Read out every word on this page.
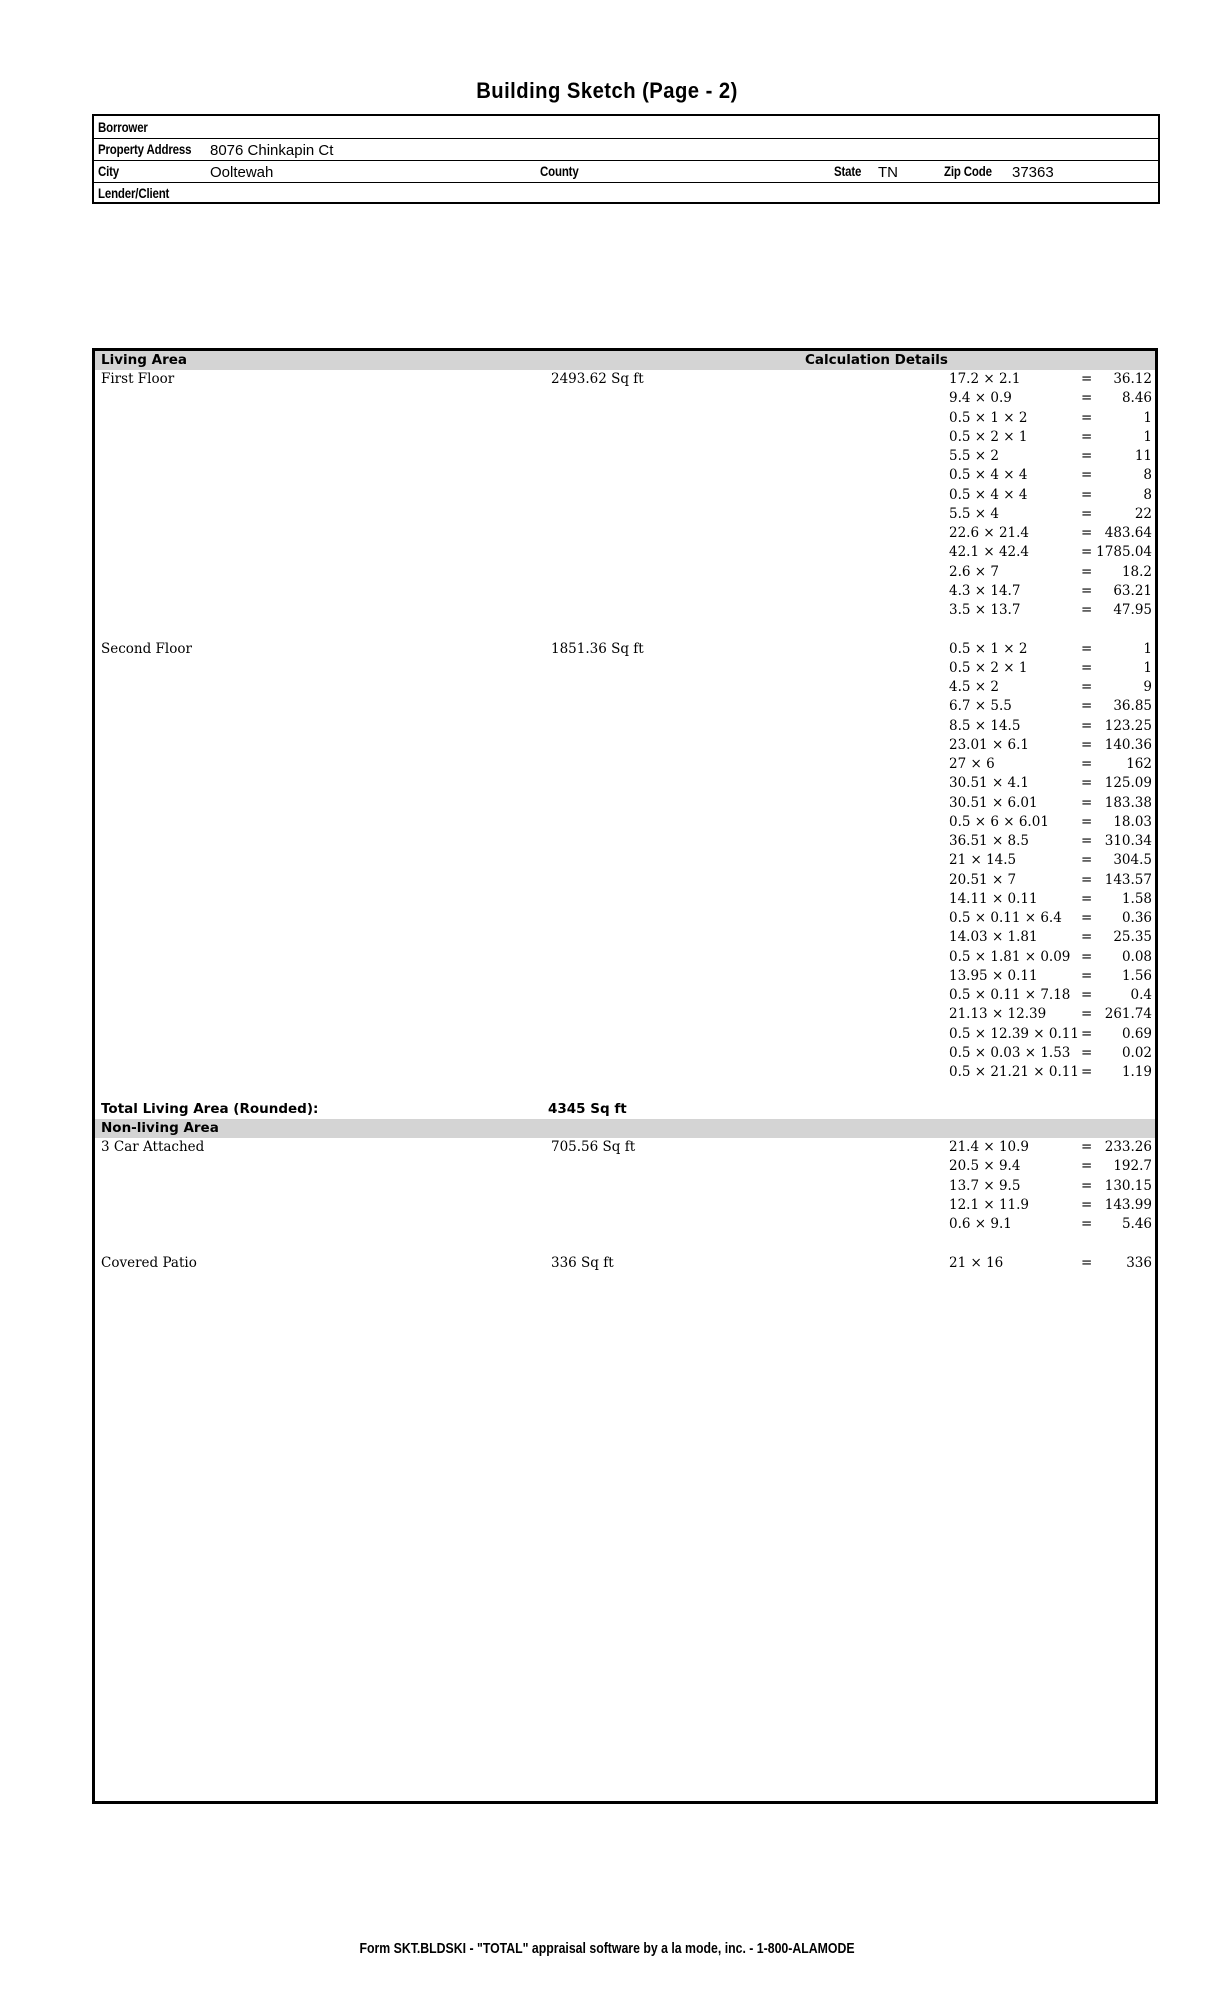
Building Sketch (Page - 2)
Borrower
Property Address 8076 Chinkapin Ct
City	Ooltewah	County	State TN	Zip Code 37363
Lender/Client
Living Area	Calculation Details
First Floor	2493.62 Sq ft	17.2 × 2.1	=	36.12
9.4 × 0.9	=	8.46
0.5 × 1 × 2	=	1
0.5 × 2 × 1	=	1
5.5 × 2	=	11
0.5 × 4 × 4	=	8
0.5 × 4 × 4	=	8
5.5 × 4	=	22
22.6 × 21.4	= 483.64
42.1 × 42.4	= 1785.04
2.6 × 7	=	18.2
4.3 × 14.7	=	63.21
3.5 × 13.7	=	47.95
Second Floor	1851.36 Sq ft	0.5 × 1 × 2	=	1
0.5 × 2 × 1	=	1
4.5 × 2	=	9
6.7 × 5.5	=	36.85
8.5 × 14.5	= 123.25
23.01 × 6.1	= 140.36
27 × 6	=	162
30.51 × 4.1	= 125.09
30.51 × 6.01	= 183.38
0.5 × 6 × 6.01 =	18.03
36.51 × 8.5	= 310.34
21 × 14.5	=	304.5
20.51 × 7	= 143.57
14.11 × 0.11	=	1.58
0.5 × 0.11 × 6.4 =	0.36
14.03 × 1.81	=	25.35
0.5 × 1.81 × 0.09 =	0.08
13.95 × 0.11	=	1.56
0.5 × 0.11 × 7.18 =	0.4
21.13 × 12.39	= 261.74
0.5 × 12.39 × 0.11 =	0.69
0.5 × 0.03 × 1.53 =	0.02
0.5 × 21.21 × 0.11 =	1.19
Total Living Area (Rounded):	4345 Sq ft
Non-living Area
3 Car Attached	705.56 Sq ft	21.4 × 10.9	= 233.26
20.5 × 9.4	=	192.7
13.7 × 9.5	= 130.15
12.1 × 11.9	= 143.99
0.6 × 9.1	=	5.46
Covered Patio	336 Sq ft	21 × 16	=	336
Form SKT.BLDSKI - "TOTAL" appraisal software by a la mode, inc. - 1-800-ALAMODE
